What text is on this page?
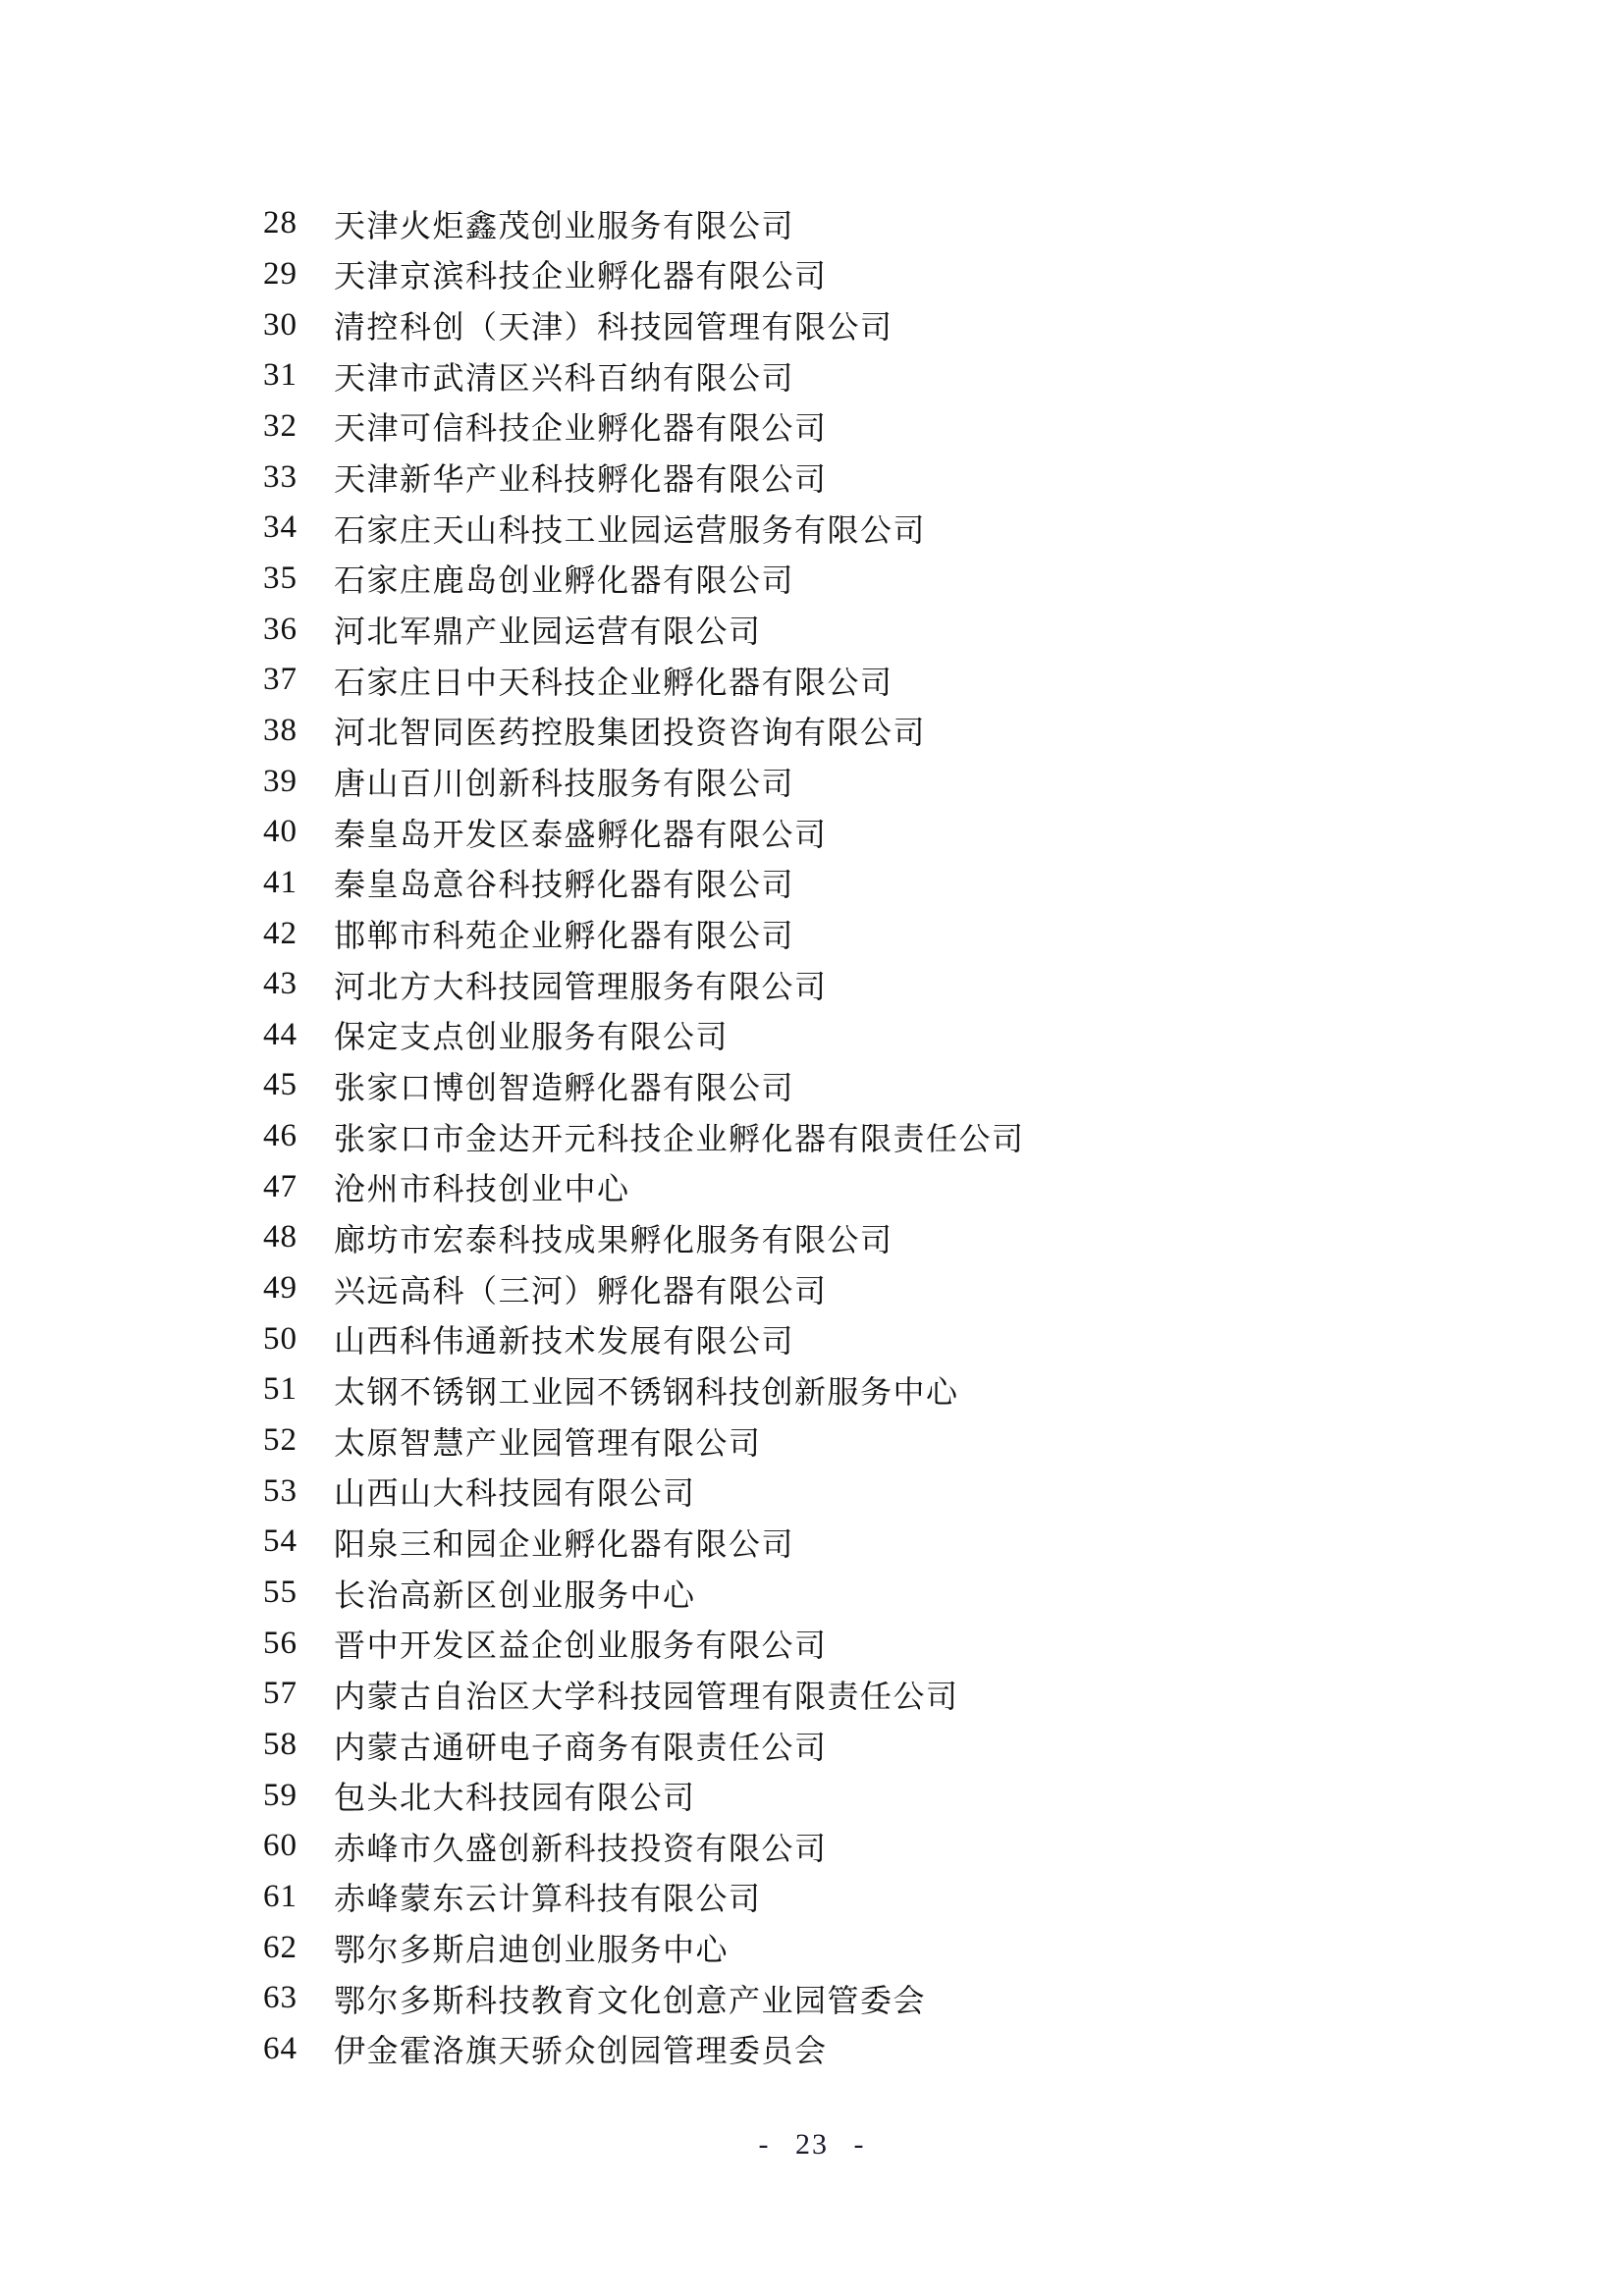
28	天津火炬鑫茂创业服务有限公司
29	天津京滨科技企业孵化器有限公司
30	清控科创（天津）科技园管理有限公司
31	天津市武清区兴科百纳有限公司
32	天津可信科技企业孵化器有限公司
33	天津新华产业科技孵化器有限公司
34	石家庄天山科技工业园运营服务有限公司
35	石家庄鹿岛创业孵化器有限公司
36	河北军鼎产业园运营有限公司
37	石家庄日中天科技企业孵化器有限公司
38	河北智同医药控股集团投资咨询有限公司
39	唐山百川创新科技服务有限公司
40	秦皇岛开发区泰盛孵化器有限公司
41	秦皇岛意谷科技孵化器有限公司
42	邯郸市科苑企业孵化器有限公司
43	河北方大科技园管理服务有限公司
44	保定支点创业服务有限公司
45	张家口博创智造孵化器有限公司
46	张家口市金达开元科技企业孵化器有限责任公司
47	沧州市科技创业中心
48	廊坊市宏泰科技成果孵化服务有限公司
49	兴远高科（三河）孵化器有限公司
50	山西科伟通新技术发展有限公司
51	太钢不锈钢工业园不锈钢科技创新服务中心
52	太原智慧产业园管理有限公司
53	山西山大科技园有限公司
54	阳泉三和园企业孵化器有限公司
55	长治高新区创业服务中心
56	晋中开发区益企创业服务有限公司
57	内蒙古自治区大学科技园管理有限责任公司
58	内蒙古通研电子商务有限责任公司
59	包头北大科技园有限公司
60	赤峰市久盛创新科技投资有限公司
61	赤峰蒙东云计算科技有限公司
62	鄂尔多斯启迪创业服务中心
63	鄂尔多斯科技教育文化创意产业园管委会
64	伊金霍洛旗天骄众创园管理委员会
- 23 -
